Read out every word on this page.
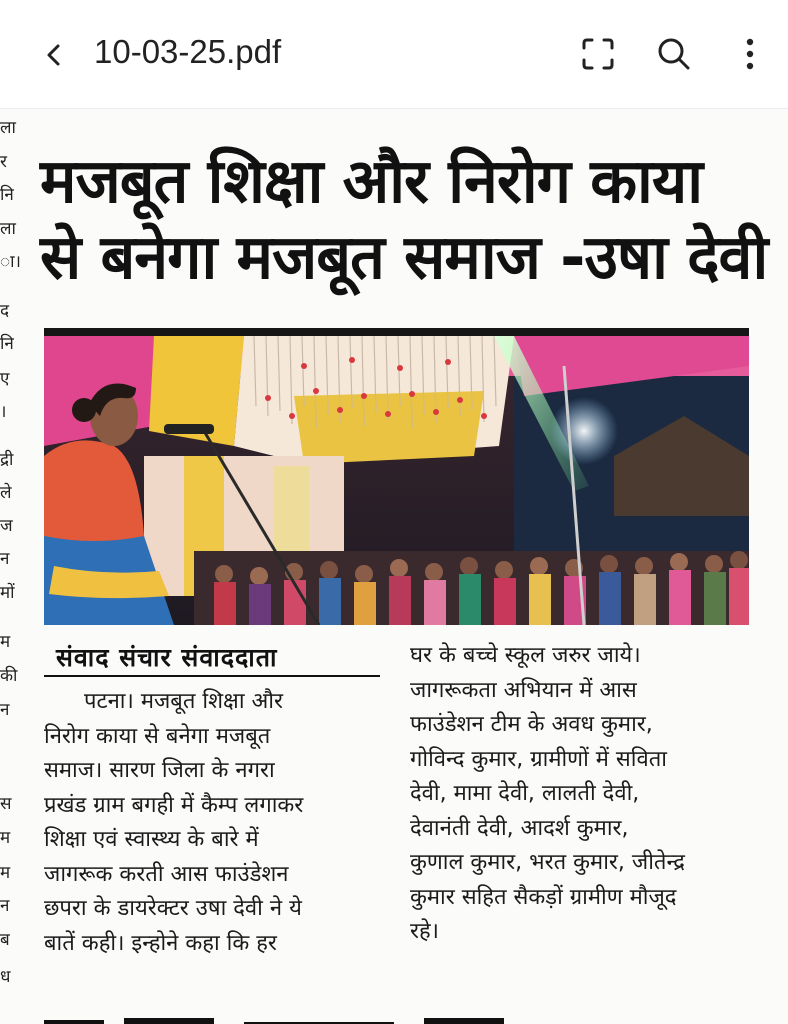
10-03-25.pdf
ला
र
नि
ला
ा।
द
नि
ए
।
द्री
ले
ज
न
मों
म
की
न
स
म
म
न
ब
ध
मजबूत शिक्षा और निरोग काया
से बनेगा मजबूत समाज -उषा देवी
संवाद संचार संवाददाता
पटना। मजबूत शिक्षा और
निरोग काया से बनेगा मजबूत
समाज। सारण जिला के नगरा
प्रखंड ग्राम बगही में कैम्प लगाकर
शिक्षा एवं स्वास्थ्य के बारे में
जागरूक करती आस फाउंडेशन
छपरा के डायरेक्टर उषा देवी ने ये
बातें कही। इन्होने कहा कि हर
घर के बच्चे स्कूल जरुर जाये।
जागरूकता अभियान में आस
फाउंडेशन टीम के अवध कुमार,
गोविन्द कुमार, ग्रामीणों में सविता
देवी, मामा देवी, लालती देवी,
देवानंती देवी, आदर्श कुमार,
कुणाल कुमार, भरत कुमार, जीतेन्द्र
कुमार सहित सैकड़ों ग्रामीण मौजूद
रहे।
